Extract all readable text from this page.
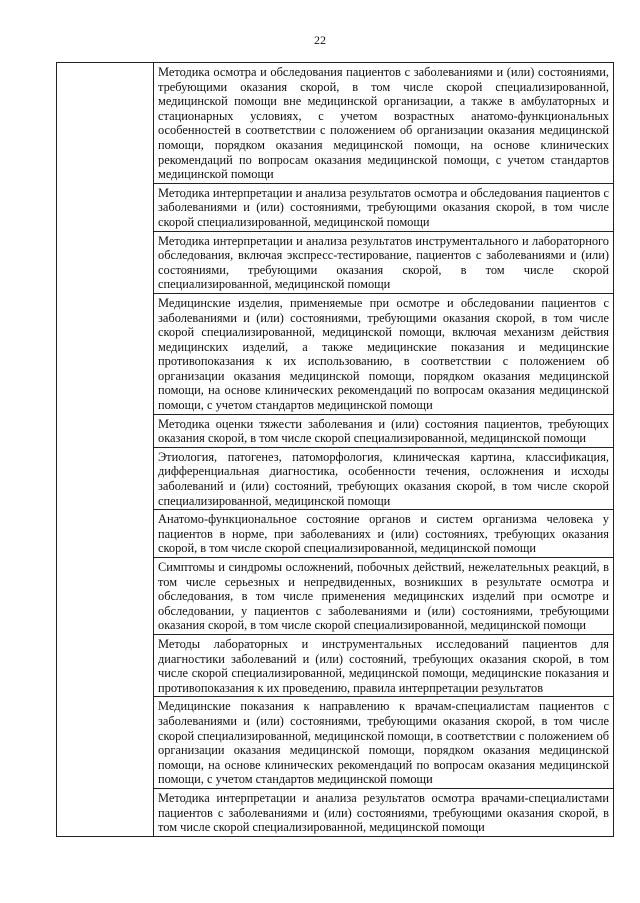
22

Методика осмотра и обследования пациентов с заболеваниями и (или) состояниями, требующими оказания скорой, в том числе скорой специализированной, медицинской помощи вне медицинской организации, а также в амбулаторных и стационарных условиях, с учетом возрастных анатомо-функциональных особенностей в соответствии с положением об организации оказания медицинской помощи, порядком оказания медицинской помощи, на основе клинических рекомендаций по вопросам оказания медицинской помощи, с учетом стандартов медицинской помощи

Методика интерпретации и анализа результатов осмотра и обследования пациентов с заболеваниями и (или) состояниями, требующими оказания скорой, в том числе скорой специализированной, медицинской помощи

Методика интерпретации и анализа результатов инструментального и лабораторного обследования, включая экспресс-тестирование, пациентов с заболеваниями и (или) состояниями, требующими оказания скорой, в том числе скорой специализированной, медицинской помощи

Медицинские изделия, применяемые при осмотре и обследовании пациентов с заболеваниями и (или) состояниями, требующими оказания скорой, в том числе скорой специализированной, медицинской помощи, включая механизм действия медицинских изделий, а также медицинские показания и медицинские противопоказания к их использованию, в соответствии с положением об организации оказания медицинской помощи, порядком оказания медицинской помощи, на основе клинических рекомендаций по вопросам оказания медицинской помощи, с учетом стандартов медицинской помощи

Методика оценки тяжести заболевания и (или) состояния пациентов, требующих оказания скорой, в том числе скорой специализированной, медицинской помощи

Этиология, патогенез, патоморфология, клиническая картина, классификация, дифференциальная диагностика, особенности течения, осложнения и исходы заболеваний и (или) состояний, требующих оказания скорой, в том числе скорой специализированной, медицинской помощи

Анатомо-функциональное состояние органов и систем организма человека у пациентов в норме, при заболеваниях и (или) состояниях, требующих оказания скорой, в том числе скорой специализированной, медицинской помощи

Симптомы и синдромы осложнений, побочных действий, нежелательных реакций, в том числе серьезных и непредвиденных, возникших в результате осмотра и обследования, в том числе применения медицинских изделий при осмотре и обследовании, у пациентов с заболеваниями и (или) состояниями, требующими оказания скорой, в том числе скорой специализированной, медицинской помощи

Методы лабораторных и инструментальных исследований пациентов для диагностики заболеваний и (или) состояний, требующих оказания скорой, в том числе скорой специализированной, медицинской помощи, медицинские показания и противопоказания к их проведению, правила интерпретации результатов

Медицинские показания к направлению к врачам-специалистам пациентов с заболеваниями и (или) состояниями, требующими оказания скорой, в том числе скорой специализированной, медицинской помощи, в соответствии с положением об организации оказания медицинской помощи, порядком оказания медицинской помощи, на основе клинических рекомендаций по вопросам оказания медицинской помощи, с учетом стандартов медицинской помощи

Методика интерпретации и анализа результатов осмотра врачами-специалистами пациентов с заболеваниями и (или) состояниями, требующими оказания скорой, в том числе скорой специализированной, медицинской помощи
